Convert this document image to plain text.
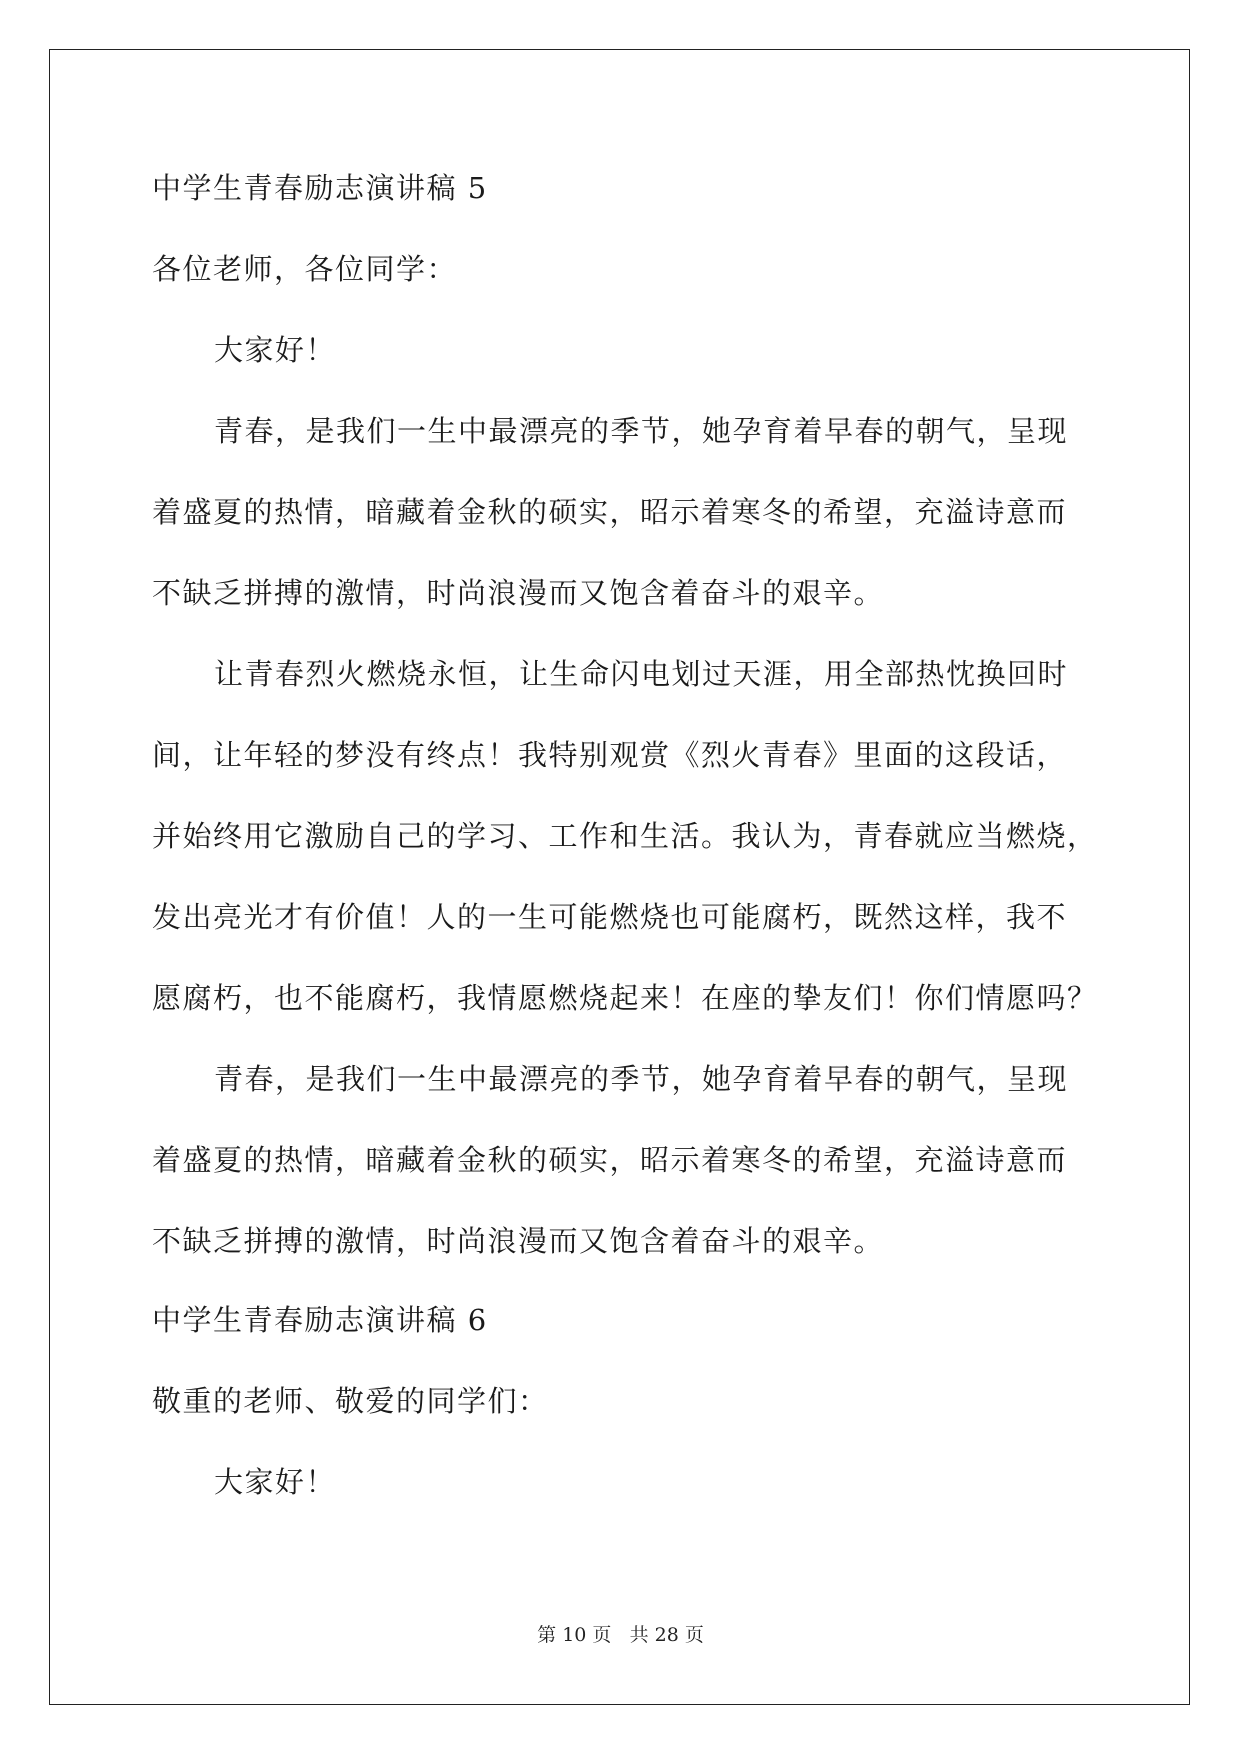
中学生青春励志演讲稿 5
各位老师，各位同学：
大家好！
青春，是我们一生中最漂亮的季节，她孕育着早春的朝气，呈现
着盛夏的热情，暗藏着金秋的硕实，昭示着寒冬的希望，充溢诗意而
不缺乏拼搏的激情，时尚浪漫而又饱含着奋斗的艰辛。
让青春烈火燃烧永恒，让生命闪电划过天涯，用全部热忱换回时
间，让年轻的梦没有终点！我特别观赏《烈火青春》里面的这段话，
并始终用它激励自己的学习、工作和生活。我认为，青春就应当燃烧，
发出亮光才有价值！人的一生可能燃烧也可能腐朽，既然这样，我不
愿腐朽，也不能腐朽，我情愿燃烧起来！在座的挚友们！你们情愿吗？
青春，是我们一生中最漂亮的季节，她孕育着早春的朝气，呈现
着盛夏的热情，暗藏着金秋的硕实，昭示着寒冬的希望，充溢诗意而
不缺乏拼搏的激情，时尚浪漫而又饱含着奋斗的艰辛。
中学生青春励志演讲稿 6
敬重的老师、敬爱的同学们：
大家好！
第 10 页 共 28 页
